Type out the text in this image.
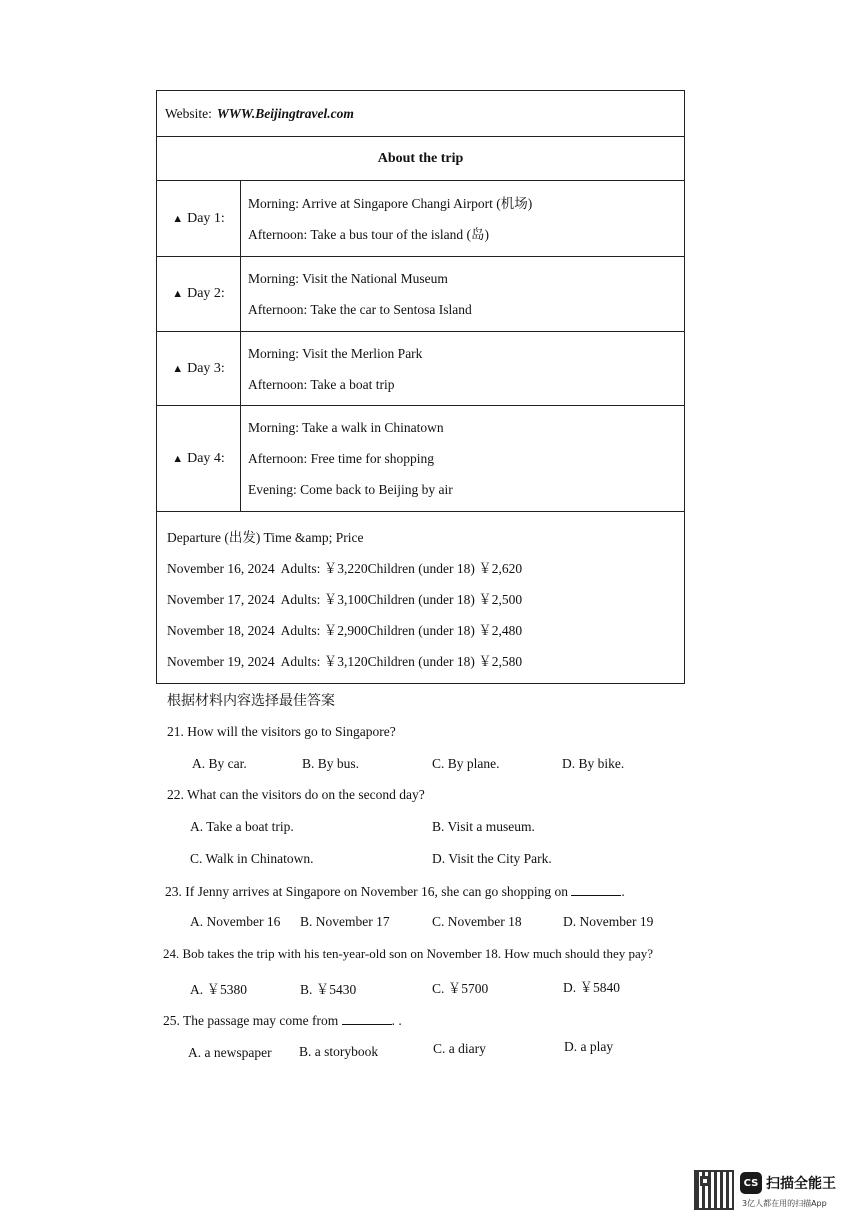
Website: WWW.Beijingtravel.com
About the trip
▲ Day 1:
Morning: Arrive at Singapore Changi Airport (机场)
Afternoon: Take a bus tour of the island (岛)
▲ Day 2:
Morning: Visit the National Museum
Afternoon: Take the car to Sentosa Island
▲ Day 3:
Morning: Visit the Merlion Park
Afternoon: Take a boat trip
▲ Day 4:
Morning: Take a walk in Chinatown
Afternoon: Free time for shopping
Evening: Come back to Beijing by air
Departure (出发) Time &amp; Price
November 16, 2024 Adults: ￥3,220Children (under 18) ￥2,620
November 17, 2024 Adults: ￥3,100Children (under 18) ￥2,500
November 18, 2024 Adults: ￥2,900Children (under 18) ￥2,480
November 19, 2024 Adults: ￥3,120Children (under 18) ￥2,580
根据材料内容选择最佳答案
21. How will the visitors go to Singapore?
A. By car.	B. By bus.	C. By plane.	D. By bike.
22. What can the visitors do on the second day?
A. Take a boat trip.	B. Visit a museum.
C. Walk in Chinatown.	D. Visit the City Park.
23. If Jenny arrives at Singapore on November 16, she can go shopping on	.
A. November 16 B. November 17	C. November 18	D. November 19
24. Bob takes the trip with his ten-year-old son on November 18. How much should they pay?
A. ￥5380	B. ￥5430	C. ￥5700	D. ￥5840
25. The passage may come from	. .
A. a newspaper B. a storybook	C. a diary	D. a play
CS 扫描全能王
3亿人都在用的扫描App
